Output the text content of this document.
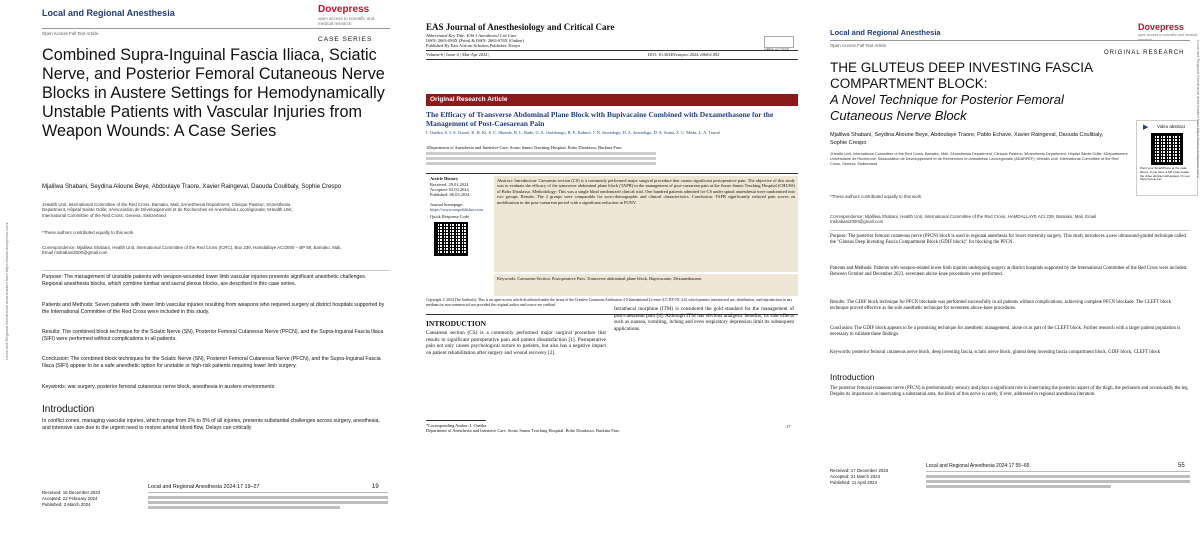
Local and Regional Anesthesia	Dovepress
open access to scientific and medical research
Open Access Full Text Article
CASE SERIES
Combined Supra-Inguinal Fascia Iliaca, Sciatic Nerve, and Posterior Femoral Cutaneous Nerve Blocks in Austere Settings for Hemodynamically Unstable Patients with Vascular Injuries from Weapon Wounds: A Case Series
Mjalilwa Shabani, Seydina Alioune Beye, Abdoulaye Traore, Xavier Raingeval, Daouda Coulibaly, Sophie Crespo
1Health Unit, International Committee of the Red Cross, Bamako, Mali; 2Anesthesia Department, Clinique Pasteur; 3Anesthesia Department, Hôpital Sainte Odile; 4Association de Développement et de Recherches en Anesthésie Locorégionale; 5Health Unit, International Committee of the Red Cross, Geneva, Switzerland
*These authors contributed equally to this work
Correspondence: Mjalilwa Shabani, Health Unit, International Committee of the Red Cross (ICRC), Box 239, Hamdallaye ACI2000 – BP 58, Bamako, Mali, Email mshabani2000@gmail.com
Purpose: The management of unstable patients with weapon-wounded lower limb vascular injuries presents significant anesthetic challenges. Regional anesthesia blocks, which combine lumbar and sacral plexus blocks, are described in this case series.
Patients and Methods: Seven patients with lower limb vascular injuries resulting from weapons who required surgery at district hospitals supported by the International Committee of the Red Cross were included in this study.
Results: The combined block technique for the Sciatic Nerve (SN), Posterior Femoral Cutaneous Nerve (PFCN), and the Supra-Inguinal Fascia Iliaca (SIFI) were performed without complications in all patients.
Conclusion: The combined block techniques for the Sciatic Nerve (SN), Posterior Femoral Cutaneous Nerve (PFCN), and the Supra-Inguinal Fascia Iliaca (SIFI) appear to be a safe anesthetic option for unstable or high-risk patients requiring lower limb surgery.
Keywords: war surgery, posterior femoral cutaneous nerve block, anesthesia in austere environments
Introduction
In conflict zones, managing vascular injuries, which range from 2% to 5% of all injuries, presents substantial challenges across surgery, anesthesia, and intensive care due to the urgent need to restore arterial blood flow. Delays can critically
Received: 16 December 2023
Accepted: 22 February 2024
Published: 2 March 2024
Local and Regional Anesthesia 2024:17 19–27	19
Local and Regional Anesthesia downloaded from https://www.dovepress.com/
EAS Journal of Anesthesiology and Critical Care
Abbreviated Key Title: EAS J Anesthesiol Crit Care
ISSN: 2663-094X (Print) & ISSN: 2663-676X (Online)
Published By East African Scholars Publisher, Kenya
Volume-6 | Issue-2 | Mar-Apr 2024 |	DOI: 10.36349/easjacc.2024.v06i02.002
Original Research Article
The Efficacy of Transverse Abdominal Plane Block with Bupivacaine Combined with Dexamethasone for the Management of Post-Caesarean Pain
I. Ouédra, S. I. S. Traoré, K. B. Ki, S. C. Ilboudo, B. L. Bado, G. A. Ouédraogo, B. E. Kaboré, J. N. Sawadogo, D. A. Sawadogo, D. A. Soma, Z. C. Méda, L. A. Traoré
1Department of Anesthesia and Intensive Care, Souro Sanou Teaching Hospital, Bobo Dioulasso, Burkina Faso
Article History
Received: 29.01.2024
Accepted: 02.03.2024
Published: 06.03.2024
Journal homepage:
https://www.easpublisher.com
Quick Response Code
Abstract: Introduction: Caesarean section (CS) is a commonly performed major surgical procedure that causes significant postoperative pain. The objective of this study was to evaluate the efficacy of the transverse abdominal plane block (TAPB) in the management of post-caesarean pain at the Souro Sanou Teaching Hospital (CHUSS) of Bobo Dioulasso. Methodology: This was a single blind randomized clinical trial. One hundred patients admitted for CS under spinal anaesthesia were randomised into two groups. Results: The 2 groups were comparable for socio-demographic and clinical characteristics. Conclusion: TAPB significantly reduced pain scores on mobilisation in the post-caesarean period with a significant reduction in PONV.
Keywords: Caesarean Section, Postoperative Pain, Transverse abdominal plane block, Bupivacaine, Dexamethasone.
Copyright © 2024 The Author(s): This is an open-access article distributed under the terms of the Creative Commons Attribution 4.0 International License (CC BY-NC 4.0) which permits unrestricted use, distribution, and reproduction in any medium for non-commercial use provided the original author and source are credited.
INTRODUCTION
Caesarean section (CS) is a commonly performed major surgical procedure that results in significant postoperative pain and patient dissatisfaction [1]. Postoperative pain not only causes psychological torture to patients, but also has a negative impact on patient rehabilitation after surgery and wound recovery [2].
Intrathecal morphine (ITM) is considered the gold standard for the management of post-caesarean pain [4]. Although ITM has obvious analgesic benefits, its side effects such as nausea, vomiting, itching and even respiratory depression limit its subsequent applications.
*Corresponding Author: I. Ouédra
Department of Anesthesia and Intensive Care, Souro Sanou Teaching Hospital, Bobo Dioulasso, Burkina Faso
17
Local and Regional Anesthesia
Dovepress
open access to scientific and medical
Open Access Full Text Article
ORIGINAL RESEARCH
THE GLUTEUS DEEP INVESTING FASCIA COMPARTMENT BLOCK:
A Novel Technique for Posterior Femoral Cutaneous Nerve Block
Mjalilwa Shabani, Seydina Alioune Beye, Abdoulaye Traore, Pablo Echave, Xavier Raingeval, Daouda Coulibaly, Sophie Crespo
Video abstract
▶
Point your SmartPhone at the code above. If you have a QR code reader the video abstract will appear. Or use: https://youtu.be/
1Health Unit, International Committee of the Red Cross, Bamako, Mali; 2Anesthesia Department, Clinique Pasteur; 3Anesthesia Department, Hôpital Sainte Odile; 4Département Universitaire de Recherche; 5Association de Développement et de Recherches en Anesthésie Locorégionale (ADARPEF); 6Health Unit, International Committee of the Red Cross, Geneva, Switzerland
*These authors contributed equally to this work
Correspondence: Mjalilwa Shabani, Health Unit, International Committee of the Red Cross, HAMDALLAYE ACI 239, Bamako, Mali, Email mshabani2000@gmail.com
Purpose: The posterior femoral cutaneous nerve (PFCN) block is used in regional anesthesia for lower extremity surgery. This study introduces a new ultrasound-guided technique called the "Gluteus Deep Investing Fascia Compartment Block (GDIF block)" for blocking the PFCN.
Patients and Methods: Patients with weapon-related lower limb injuries undergoing surgery at district hospitals supported by the International Committee of the Red Cross were included. Between October and December 2023, seventeen above-knee procedures were performed.
Results: The GDIF block technique for PFCN blockade was performed successfully in all patients without complications, achieving complete PFCN blockade. The CLEFT block technique proved effective as the sole anesthetic technique for seventeen above-knee procedures.
Conclusion: The GDIF block appears to be a promising technique for anesthetic management, alone or as part of the CLEFT block. Further research with a larger patient population is necessary to validate these findings.
Keywords: posterior femoral cutaneous nerve block, deep investing fascia, sciatic nerve block, gluteal deep investing fascia compartment block, GDIF block, CLEFT block
Introduction
The posterior femoral cutaneous nerve (PFCN) is predominantly sensory and plays a significant role in innervating the posterior aspect of the thigh, the perineum and occasionally the leg. Despite its importance in innervating a substantial area, the block of this nerve is rarely, if ever, addressed in regional anesthesia literature.
Received: 17 December 2023
Accepted: 21 March 2024
Published: 11 April 2024
Local and Regional Anesthesia 2024:17 55–65	55
Local and Regional Anesthesia downloaded from https://www.dovepress.com/
